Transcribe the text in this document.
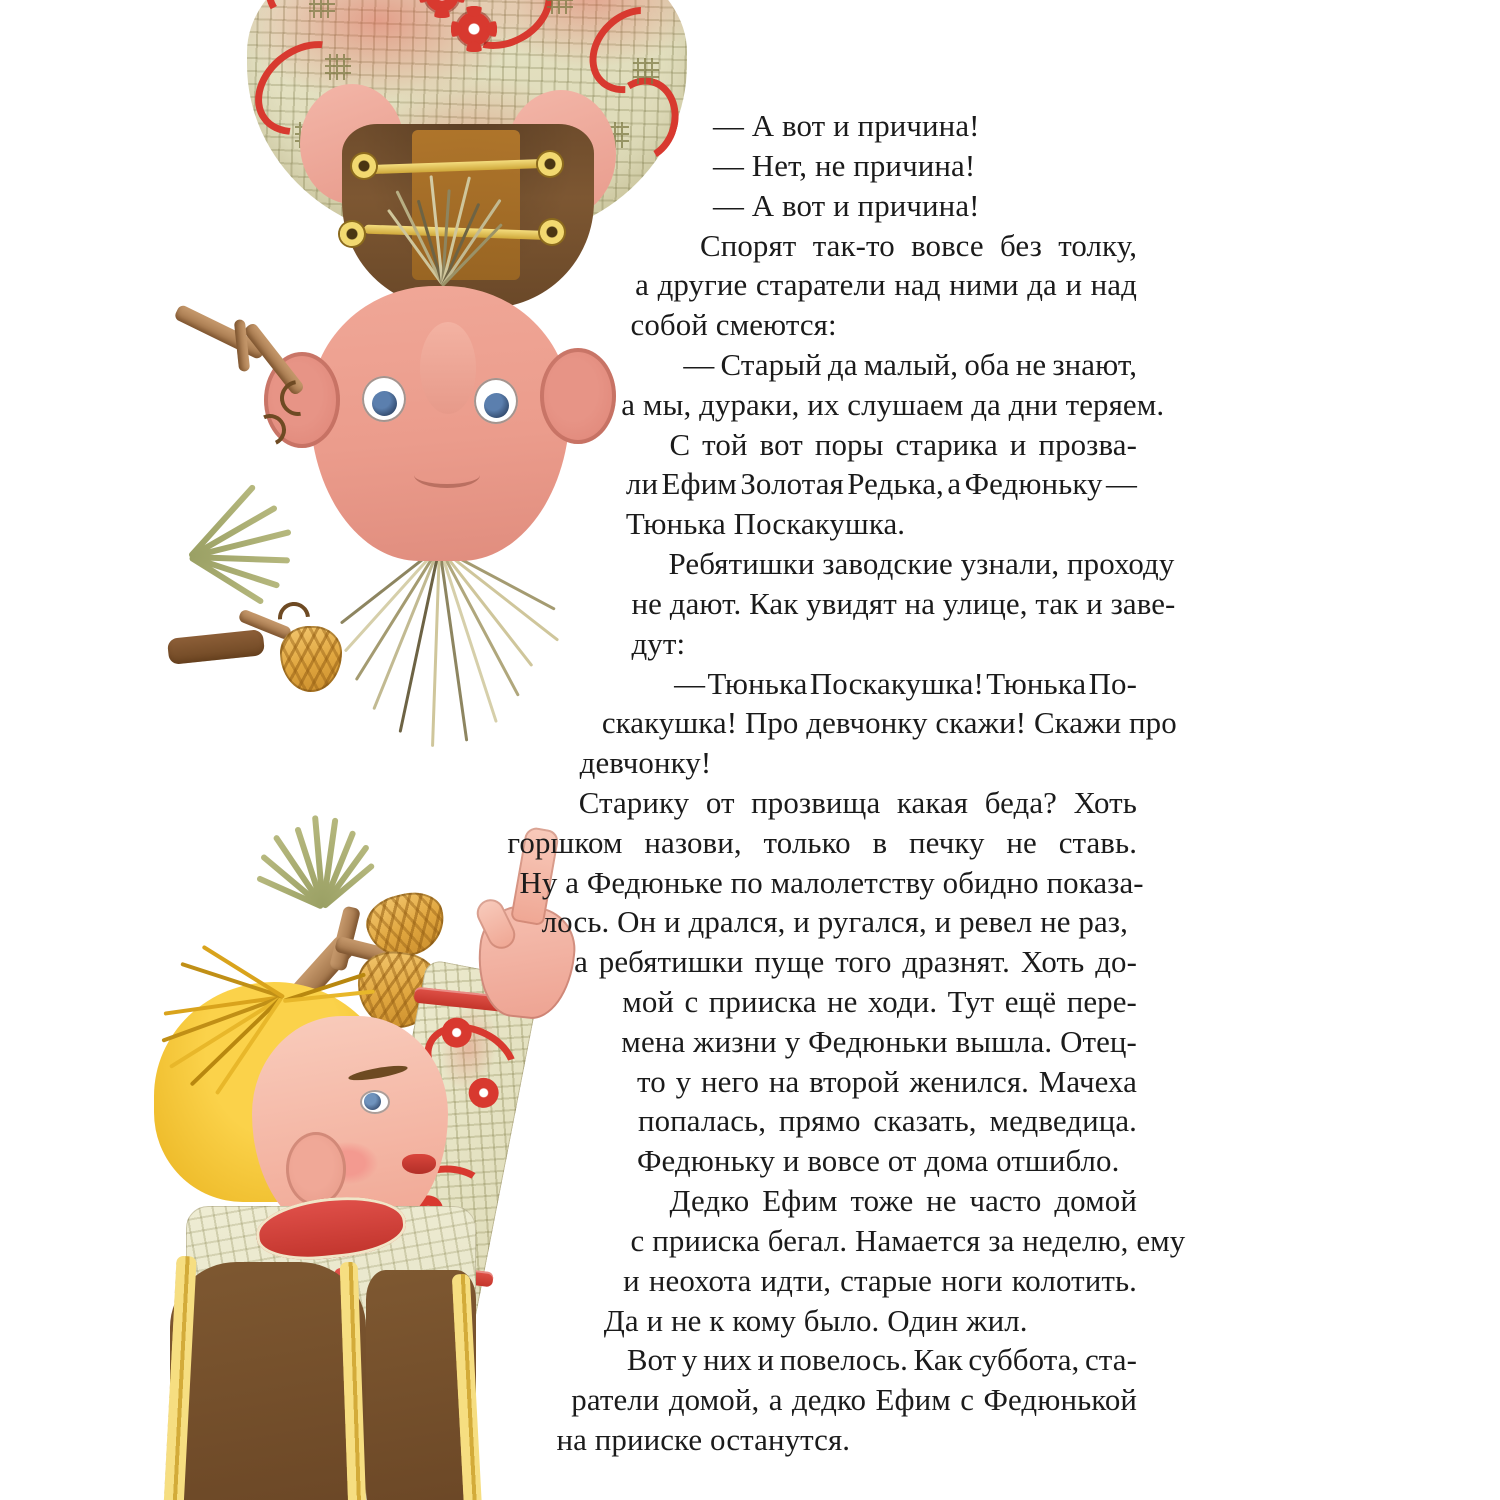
— А вот и причина!
— Нет, не причина!
— А вот и причина!
Спорят так-то вовсе без толку,
а другие старатели над ними да и над
собой смеются:
— Старый да малый, оба не знают,
а мы, дураки, их слушаем да дни теряем.
С той вот поры старика и прозва-
ли Ефим Золотая Редька, а Федюньку —
Тюнька Поскакушка.
Ребятишки заводские узнали, проходу
не дают. Как увидят на улице, так и заве-
дут:
— Тюнька Поскакушка! Тюнька По-
скакушка! Про девчонку скажи! Скажи про
девчонку!
Старику от прозвища какая беда? Хоть
горшком назови, только в печку не ставь.
Ну а Федюньке по малолетству обидно показа-
лось. Он и дрался, и ругался, и ревел не раз,
а ребятишки пуще того дразнят. Хоть до-
мой с прииска не ходи. Тут ещё пере-
мена жизни у Федюньки вышла. Отец-
то у него на второй женился. Мачеха
попалась, прямо сказать, медведица.
Федюньку и вовсе от дома отшибло.
Дедко Ефим тоже не часто домой
с прииска бегал. Намается за неделю, ему
и неохота идти, старые ноги колотить.
Да и не к кому было. Один жил.
Вот у них и повелось. Как суббота, ста-
ратели домой, а дедко Ефим с Федюнькой
на прииске останутся.
